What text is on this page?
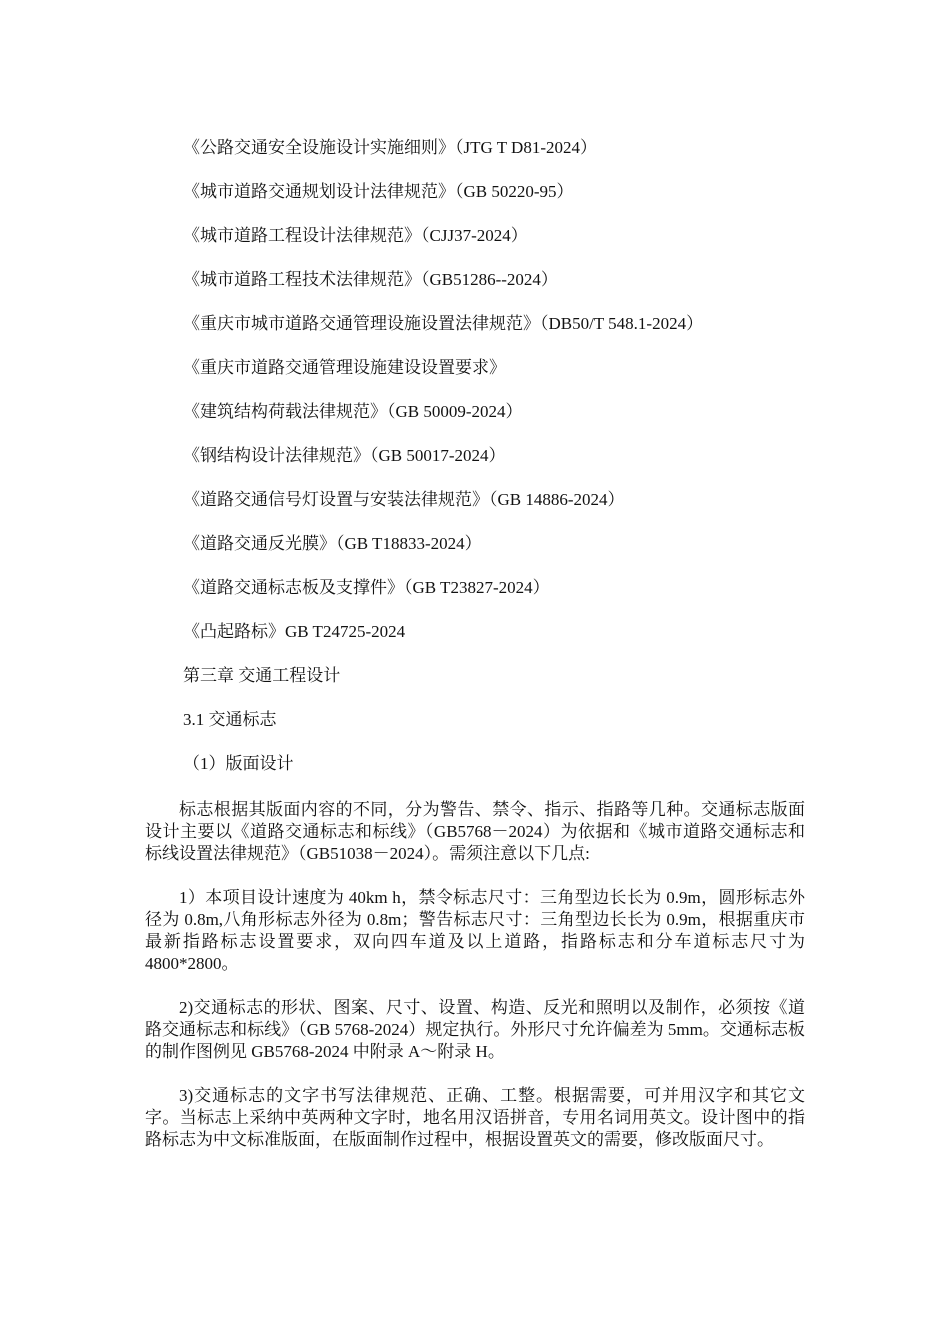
《公路交通安全设施设计实施细则》（JTG T D81-2024）
《城市道路交通规划设计法律规范》（GB 50220-95）
《城市道路工程设计法律规范》（CJJ37-2024）
《城市道路工程技术法律规范》（GB51286--2024）
《重庆市城市道路交通管理设施设置法律规范》（DB50/T 548.1-2024）
《重庆市道路交通管理设施建设设置要求》
《建筑结构荷载法律规范》（GB 50009-2024）
《钢结构设计法律规范》（GB 50017-2024）
《道路交通信号灯设置与安装法律规范》（GB 14886-2024）
《道路交通反光膜》（GB T18833-2024）
《道路交通标志板及支撑件》（GB T23827-2024）
《凸起路标》GB T24725-2024
第三章 交通工程设计
3.1 交通标志
（1）版面设计

标志根据其版面内容的不同，分为警告、禁令、指示、指路等几种。交通标志版面设计主要以《道路交通标志和标线》（GB5768－2024）为依据和《城市道路交通标志和标线设置法律规范》（GB51038－2024）。需须注意以下几点:

1）本项目设计速度为 40km h，禁令标志尺寸：三角型边长长为 0.9m，圆形标志外径为 0.8m,八角形标志外径为 0.8m；警告标志尺寸：三角型边长长为 0.9m，根据重庆市最新指路标志设置要求，双向四车道及以上道路，指路标志和分车道标志尺寸为 4800*2800。

2)交通标志的形状、图案、尺寸、设置、构造、反光和照明以及制作，必须按《道路交通标志和标线》（GB 5768-2024）规定执行。外形尺寸允许偏差为 5mm。交通标志板的制作图例见 GB5768-2024 中附录 A～附录 H。

3)交通标志的文字书写法律规范、正确、工整。根据需要，可并用汉字和其它文字。当标志上采纳中英两种文字时，地名用汉语拼音，专用名词用英文。设计图中的指路标志为中文标准版面，在版面制作过程中，根据设置英文的需要，修改版面尺寸。
